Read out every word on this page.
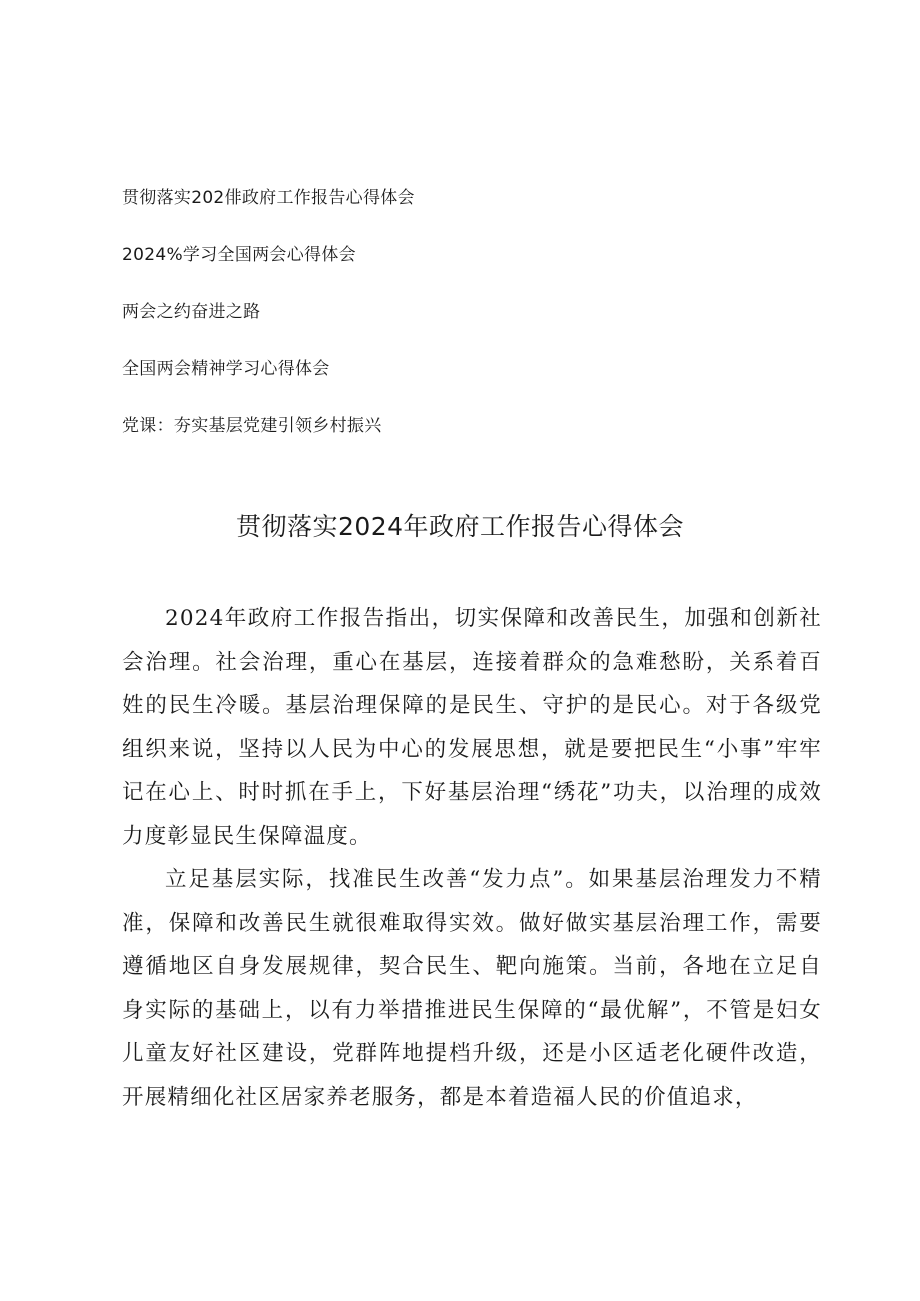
贯彻落实202俳政府工作报告心得体会
2024%学习全国两会心得体会
两会之约奋进之路
全国两会精神学习心得体会
党课：夯实基层党建引领乡村振兴
贯彻落实2024年政府工作报告心得体会

2024年政府工作报告指出，切实保障和改善民生，加强和创新社会治理。社会治理，重心在基层，连接着群众的急难愁盼，关系着百姓的民生冷暖。基层治理保障的是民生、守护的是民心。对于各级党组织来说，坚持以人民为中心的发展思想，就是要把民生“小事”牢牢记在心上、时时抓在手上，下好基层治理“绣花”功夫，以治理的成效力度彰显民生保障温度。

立足基层实际，找准民生改善“发力点”。如果基层治理发力不精准，保障和改善民生就很难取得实效。做好做实基层治理工作，需要遵循地区自身发展规律，契合民生、靶向施策。当前，各地在立足自身实际的基础上，以有力举措推进民生保障的“最优解”，不管是妇女儿童友好社区建设，党群阵地提档升级，还是小区适老化硬件改造，开展精细化社区居家养老服务，都是本着造福人民的价值追求，
